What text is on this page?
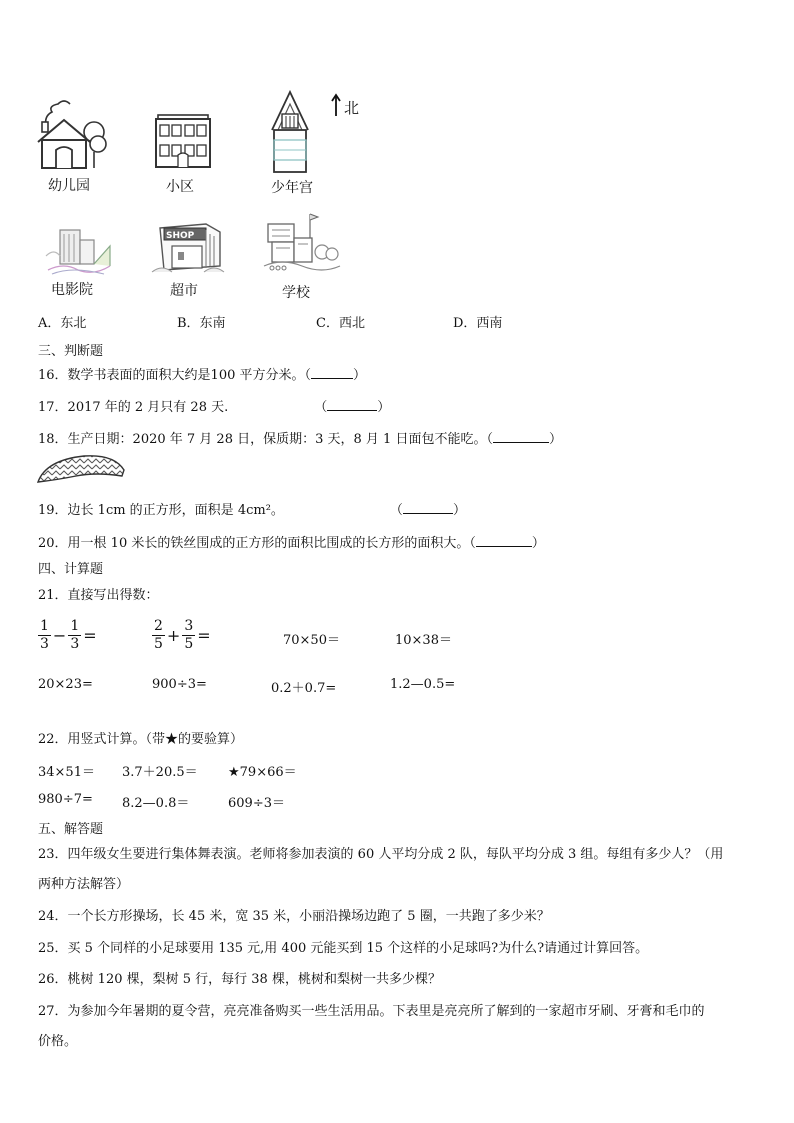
北
SHOP
幼儿园	小区	少年宫
电影院	超市	学校
A．东北	B．东南	C．西北	D．西南
三、判断题
16．数学书表面的面积大约是100 平方分米。（	）
17．2017 年的 2 月只有 28 天.	（	）
18．生产日期：2020 年 7 月 28 日，保质期：3 天，8 月 1 日面包不能吃。（	）
19．边长 1cm 的正方形，面积是 4cm²。	（	）
20．用一根 10 米长的铁丝围成的正方形的面积比围成的长方形的面积大。（	）
四、计算题
21．直接写出得数：
$\frac{1}{3} - \frac{1}{3}$ =	$\frac{2}{5} + \frac{3}{5}$ =	70×50＝	10×38＝
20×23=	900÷3=	0.2＋0.7=	1.2—0.5=
22．用竖式计算。（带★的要验算）
34×51＝ 3.7＋20.5＝ ★79×66＝
980÷7= 8.2—0.8＝	609÷3＝
五、解答题
23．四年级女生要进行集体舞表演。老师将参加表演的 60 人平均分成 2 队，每队平均分成 3 组。每组有多少人？（用
两种方法解答）
24．一个长方形操场，长 45 米，宽 35 米，小丽沿操场边跑了 5 圈，一共跑了多少米？
25．买 5 个同样的小足球要用 135 元,用 400 元能买到 15 个这样的小足球吗?为什么?请通过计算回答。
26．桃树 120 棵，梨树 5 行，每行 38 棵，桃树和梨树一共多少棵？
27．为参加今年暑期的夏令营，亮亮准备购买一些生活用品。下表里是亮亮所了解到的一家超市牙刷、牙膏和毛巾的
价格。
